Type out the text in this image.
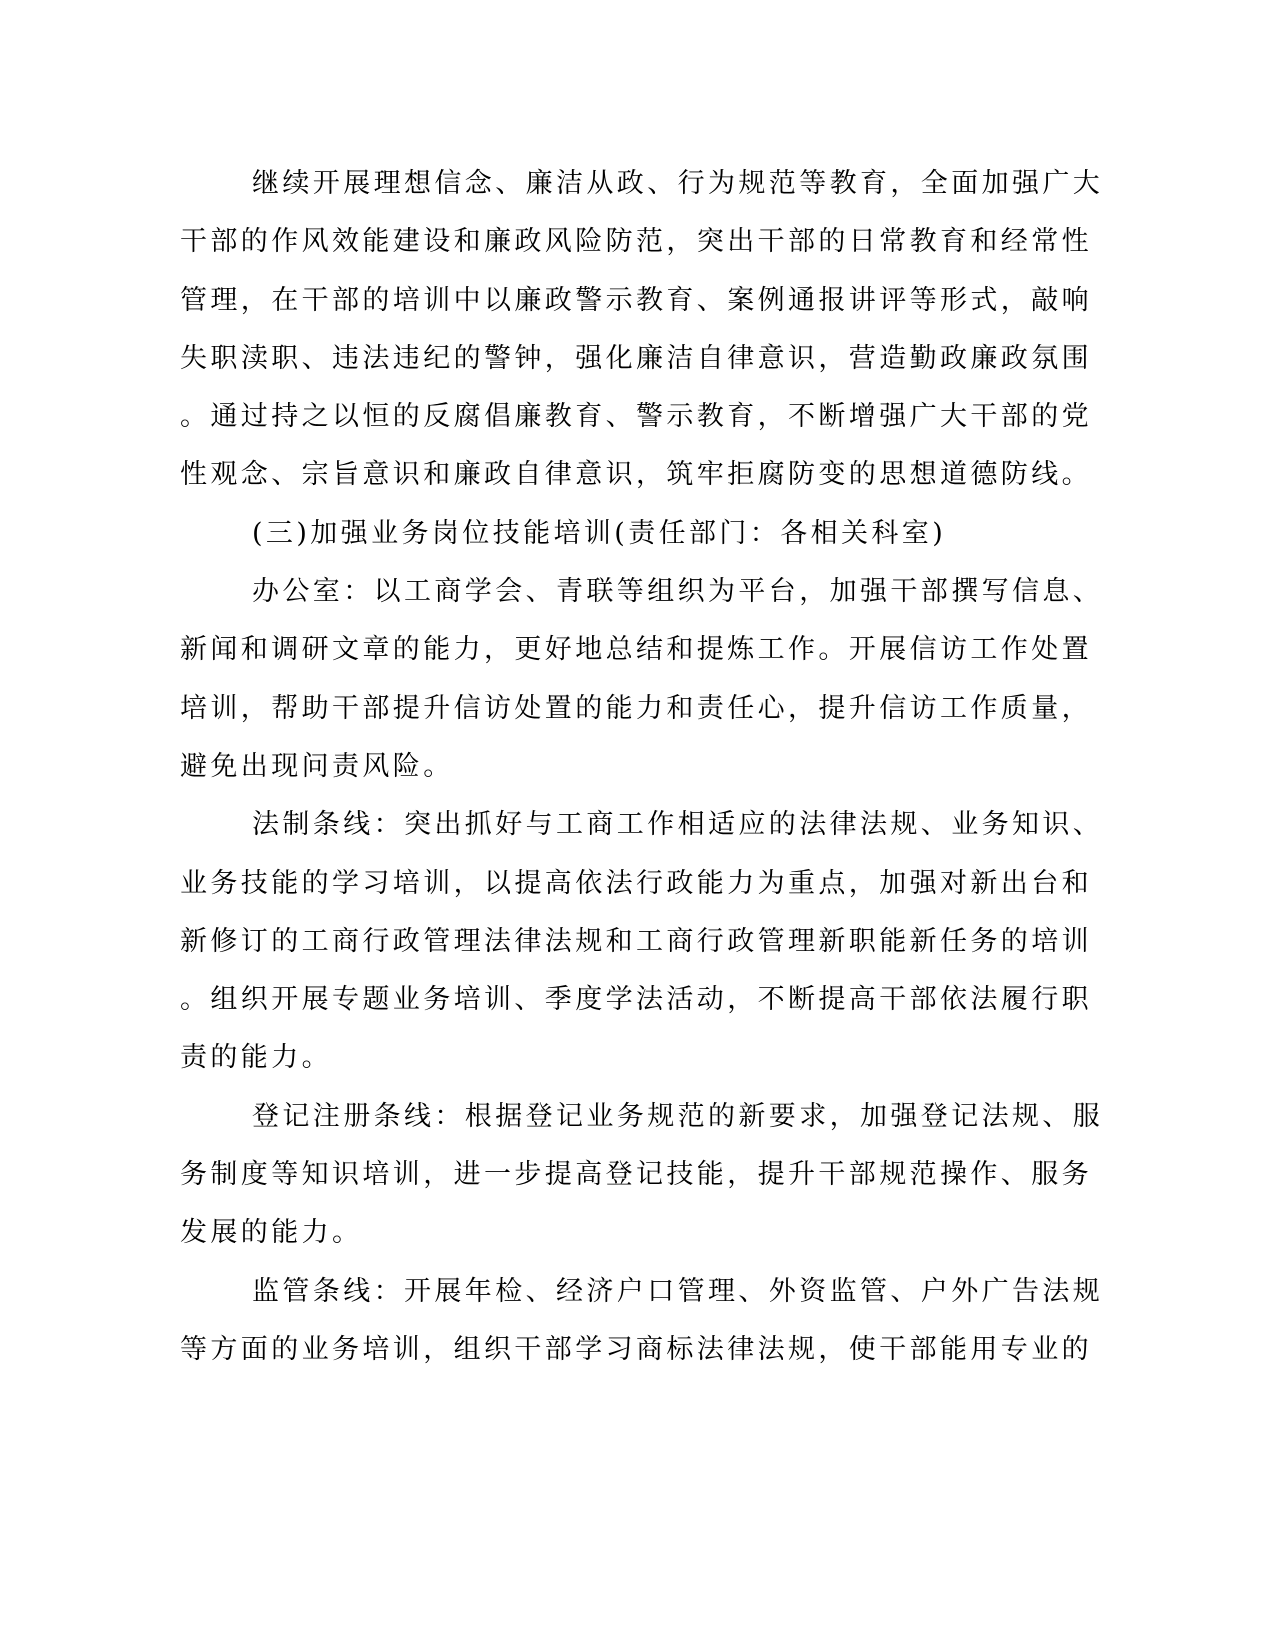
继续开展理想信念、廉洁从政、行为规范等教育，全面加强广大
干部的作风效能建设和廉政风险防范，突出干部的日常教育和经常性
管理，在干部的培训中以廉政警示教育、案例通报讲评等形式，敲响
失职渎职、违法违纪的警钟，强化廉洁自律意识，营造勤政廉政氛围
。通过持之以恒的反腐倡廉教育、警示教育，不断增强广大干部的党
性观念、宗旨意识和廉政自律意识，筑牢拒腐防变的思想道德防线。
(三)加强业务岗位技能培训(责任部门：各相关科室)
办公室：以工商学会、青联等组织为平台，加强干部撰写信息、
新闻和调研文章的能力，更好地总结和提炼工作。开展信访工作处置
培训，帮助干部提升信访处置的能力和责任心，提升信访工作质量，
避免出现问责风险。
法制条线：突出抓好与工商工作相适应的法律法规、业务知识、
业务技能的学习培训，以提高依法行政能力为重点，加强对新出台和
新修订的工商行政管理法律法规和工商行政管理新职能新任务的培训
。组织开展专题业务培训、季度学法活动，不断提高干部依法履行职
责的能力。
登记注册条线：根据登记业务规范的新要求，加强登记法规、服
务制度等知识培训，进一步提高登记技能，提升干部规范操作、服务
发展的能力。
监管条线：开展年检、经济户口管理、外资监管、户外广告法规
等方面的业务培训，组织干部学习商标法律法规，使干部能用专业的
